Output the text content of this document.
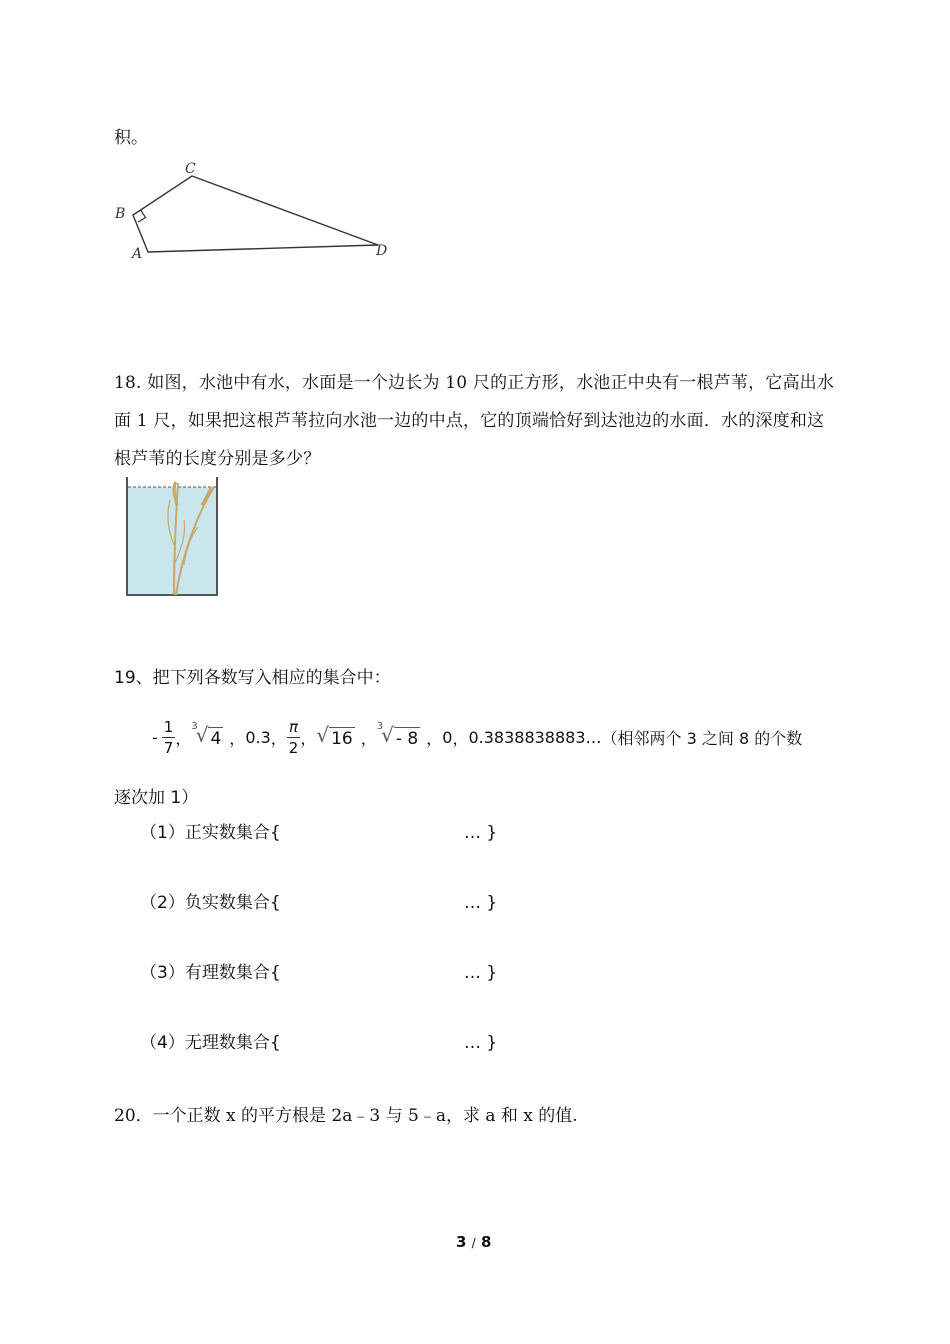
积。
A
B
C
D
18. 如图，水池中有水，水面是一个边长为 10 尺的正方形，水池正中央有一根芦苇，它高出水面 1 尺，如果把这根芦苇拉向水池一边的中点，它的顶端恰好到达池边的水面．水的深度和这根芦苇的长度分别是多少？
19、把下列各数写入相应的集合中：
- $\frac{1}{7}$ ，
3
√ 4 ， 0.3 ， $\frac{\pi}{2}$ ， √ 16 ，
3
√ - 8 ， 0 ， 0.3838838883… （相邻两个 3 之间 8 的个数
逐次加 1）
（1）正实数集合{	… }
（2）负实数集合{	… }
（3）有理数集合{	… }
（4）无理数集合{	… }
20．一个正数 x 的平方根是 2a﹣3 与 5﹣a，求 a 和 x 的值.
3 / 8
